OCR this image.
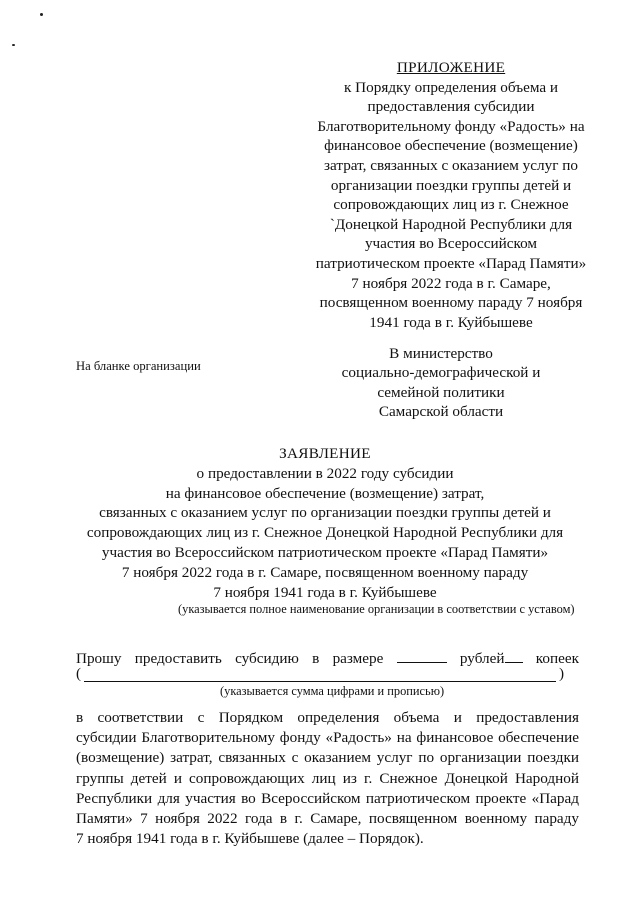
ПРИЛОЖЕНИЕ
к Порядку определения объема и
предоставления субсидии
Благотворительному фонду «Радость» на
финансовое обеспечение (возмещение)
затрат, связанных с оказанием услуг по
организации поездки группы детей и
сопровождающих лиц из г. Снежное
`Донецкой Народной Республики для
участия во Всероссийском
патриотическом проекте «Парад Памяти»
7 ноября 2022 года в г. Самаре,
посвященном военному параду 7 ноября
1941 года в г. Куйбышеве
На бланке организации
В министерство
социально-демографической и
семейной политики
Самарской области
ЗАЯВЛЕНИЕ
о предоставлении в 2022 году субсидии
на финансовое обеспечение (возмещение) затрат,
связанных с оказанием услуг по организации поездки группы детей и
сопровождающих лиц из г. Снежное Донецкой Народной Республики для
участия во Всероссийском патриотическом проекте «Парад Памяти»
7 ноября 2022 года в г. Самаре, посвященном военному параду
7 ноября 1941 года в г. Куйбышеве
(указывается полное наименование организации в соответствии с уставом)
Прошу предоставить субсидию в размере	рублей	копеек
(	)
(указывается сумма цифрами и прописью)
в соответствии с Порядком определения объема и предоставления
субсидии Благотворительному фонду «Радость» на финансовое обеспечение
(возмещение) затрат, связанных с оказанием услуг по организации поездки
группы детей и сопровождающих лиц из г. Снежное Донецкой Народной
Республики для участия во Всероссийском патриотическом проекте «Парад
Памяти» 7 ноября 2022 года в г. Самаре, посвященном военному параду
7 ноября 1941 года в г. Куйбышеве (далее – Порядок).
